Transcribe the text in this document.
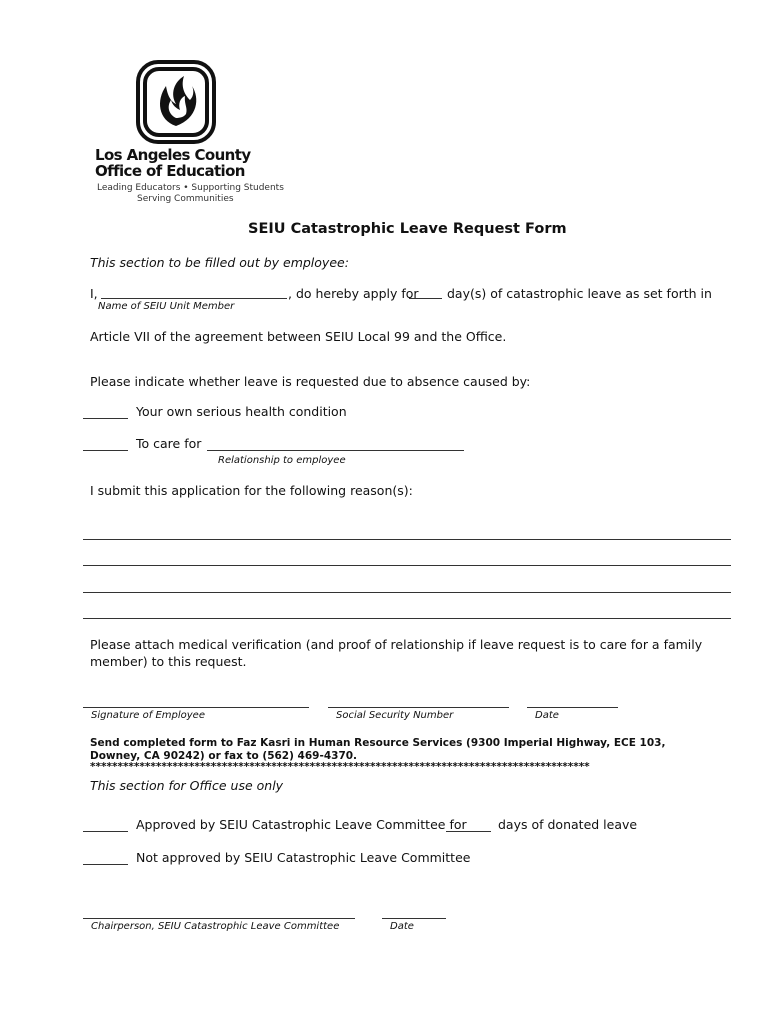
Los Angeles County
Office of Education
Leading Educators • Supporting Students
Serving Communities
SEIU Catastrophic Leave Request Form
This section to be filled out by employee:
I,	, do hereby apply for day(s) of catastrophic leave as set forth in
Name of SEIU Unit Member
Article VII of the agreement between SEIU Local 99 and the Office.
Please indicate whether leave is requested due to absence caused by:
Your own serious health condition
To care for
Relationship to employee
I submit this application for the following reason(s):
Please attach medical verification (and proof of relationship if leave request is to care for a family member) to this request.
Signature of Employee	Social Security Number	Date
Send completed form to Faz Kasri in Human Resource Services (9300 Imperial Highway, ECE 103, Downey, CA 90242) or fax to (562) 469-4370.
*******************************************************************************************
This section for Office use only
Approved by SEIU Catastrophic Leave Committee for	days of donated leave
Not approved by SEIU Catastrophic Leave Committee
Chairperson, SEIU Catastrophic Leave Committee	Date
